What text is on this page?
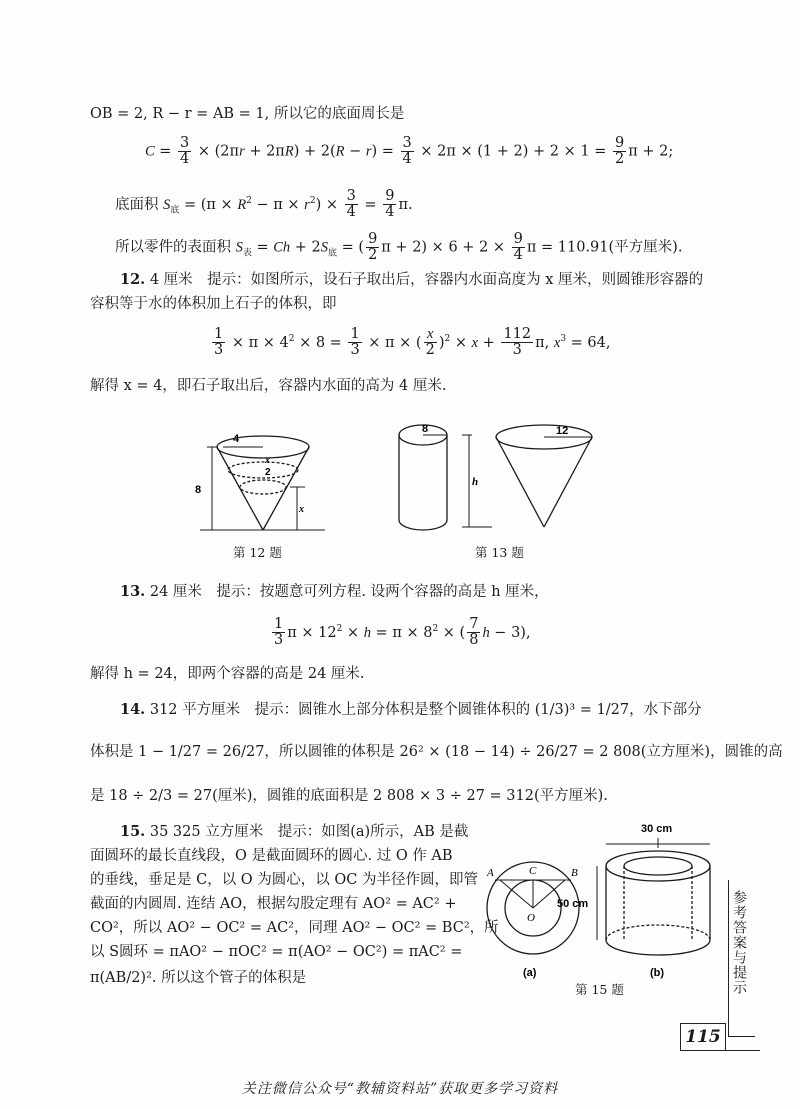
OB = 2, R − r = AB = 1, 所以它的底面周长是
$C = \frac{3}{4} \times (2\pi r + 2\pi R) + 2(R - r) = \frac{3}{4} \times 2\pi \times (1 + 2) + 2 \times 1 = \frac{9}{2}$ π + 2;
底面积 $S_底 = (\pi \times R^2 - \pi \times r^2) \times \frac{3}{4} = \frac{9}{4} \pi$.
所以零件的表面积 $S_表 = Ch + 2S_底$ = ( $\frac{9}{2}$ $\pi + 2) \times 6 + 2 \times \frac{9}{4}$ π = 110.91(平方厘米).
12. 4 厘米　提示：如图所示，设石子取出后，容器内水面高度为 x 厘米，则圆锥形容器的
容积等于水的体积加上石子的体积，即
$\frac{1}{3} \times \pi \times 4^2 \times 8 = \frac{1}{3} \times \pi$ × ( $\frac{x}{2} )^2 \times x + \frac{112}{3} \pi$, $x^3 = 64$,
解得 x = 4，即石子取出后，容器内水面的高为 4 厘米.
4
8
x
2
x
第 12 题
8
h
12
第 13 题
13. 24 厘米　提示：按题意可列方程. 设两个容器的高是 h 厘米，
$\frac{1}{3}$ $\pi \times 12^2 \times h = \pi \times 8^2$ × ( $\frac{7}{8}$ h − 3),
解得 h = 24，即两个容器的高是 24 厘米.
14. 312 平方厘米　提示：圆锥水上部分体积是整个圆锥体积的 (1/3)³ = 1/27，水下部分
体积是 1 − 1/27 = 26/27，所以圆锥的体积是 26² × (18 − 14) ÷ 26/27 = 2 808(立方厘米)，圆锥的高
是 18 ÷ 2/3 = 27(厘米)，圆锥的底面积是 2 808 × 3 ÷ 27 = 312(平方厘米).
15. 35 325 立方厘米　提示：如图(a)所示，AB 是截
面圆环的最长直线段，O 是截面圆环的圆心. 过 O 作 AB
的垂线，垂足是 C，以 O 为圆心，以 OC 为半径作圆，即管
截面的内圆周. 连结 AO，根据勾股定理有 AO² = AC² +
CO²，所以 AO² − OC² = AC²，同理 AO² − OC² = BC²，所
以 S圆环 = πAO² − πOC² = π(AO² − OC²) = πAC² =
π(AB/2)². 所以这个管子的体积是
A	C	B
O
(a)
30 cm
50 cm
(b)
第 15 题	参考答案与提示
115
关注微信公众号“教辅资料站”获取更多学习资料
